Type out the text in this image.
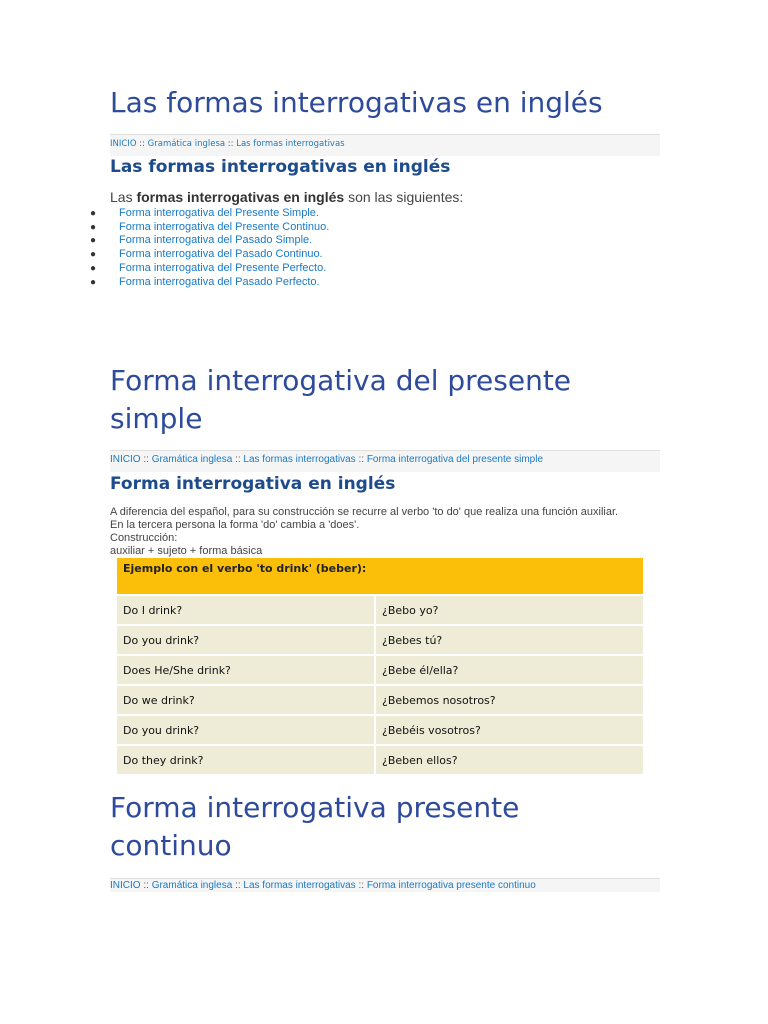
Las formas interrogativas en inglés
INICIO :: Gramática inglesa :: Las formas interrogativas
Las formas interrogativas en inglés

Las formas interrogativas en inglés son las siguientes:

● Forma interrogativa del Presente Simple.
● Forma interrogativa del Presente Continuo.
● Forma interrogativa del Pasado Simple.
● Forma interrogativa del Pasado Continuo.
● Forma interrogativa del Presente Perfecto.
● Forma interrogativa del Pasado Perfecto.
Forma interrogativa del presente
simple
INICIO :: Gramática inglesa :: Las formas interrogativas :: Forma interrogativa del presente simple
Forma interrogativa en inglés

A diferencia del español, para su construcción se recurre al verbo 'to do' que realiza una función auxiliar.

En la tercera persona la forma 'do' cambia a 'does'.

Construcción:

auxiliar + sujeto + forma básica

Ejemplo con el verbo 'to drink' (beber):	
Do I drink?	¿Bebo yo?
Do you drink?	¿Bebes tú?
Does He/She drink?	¿Bebe él/ella?
Do we drink?	¿Bebemos nosotros?
Do you drink?	¿Bebéis vosotros?
Do they drink?	¿Beben ellos?
Forma interrogativa presente
continuo
INICIO :: Gramática inglesa :: Las formas interrogativas :: Forma interrogativa presente continuo
